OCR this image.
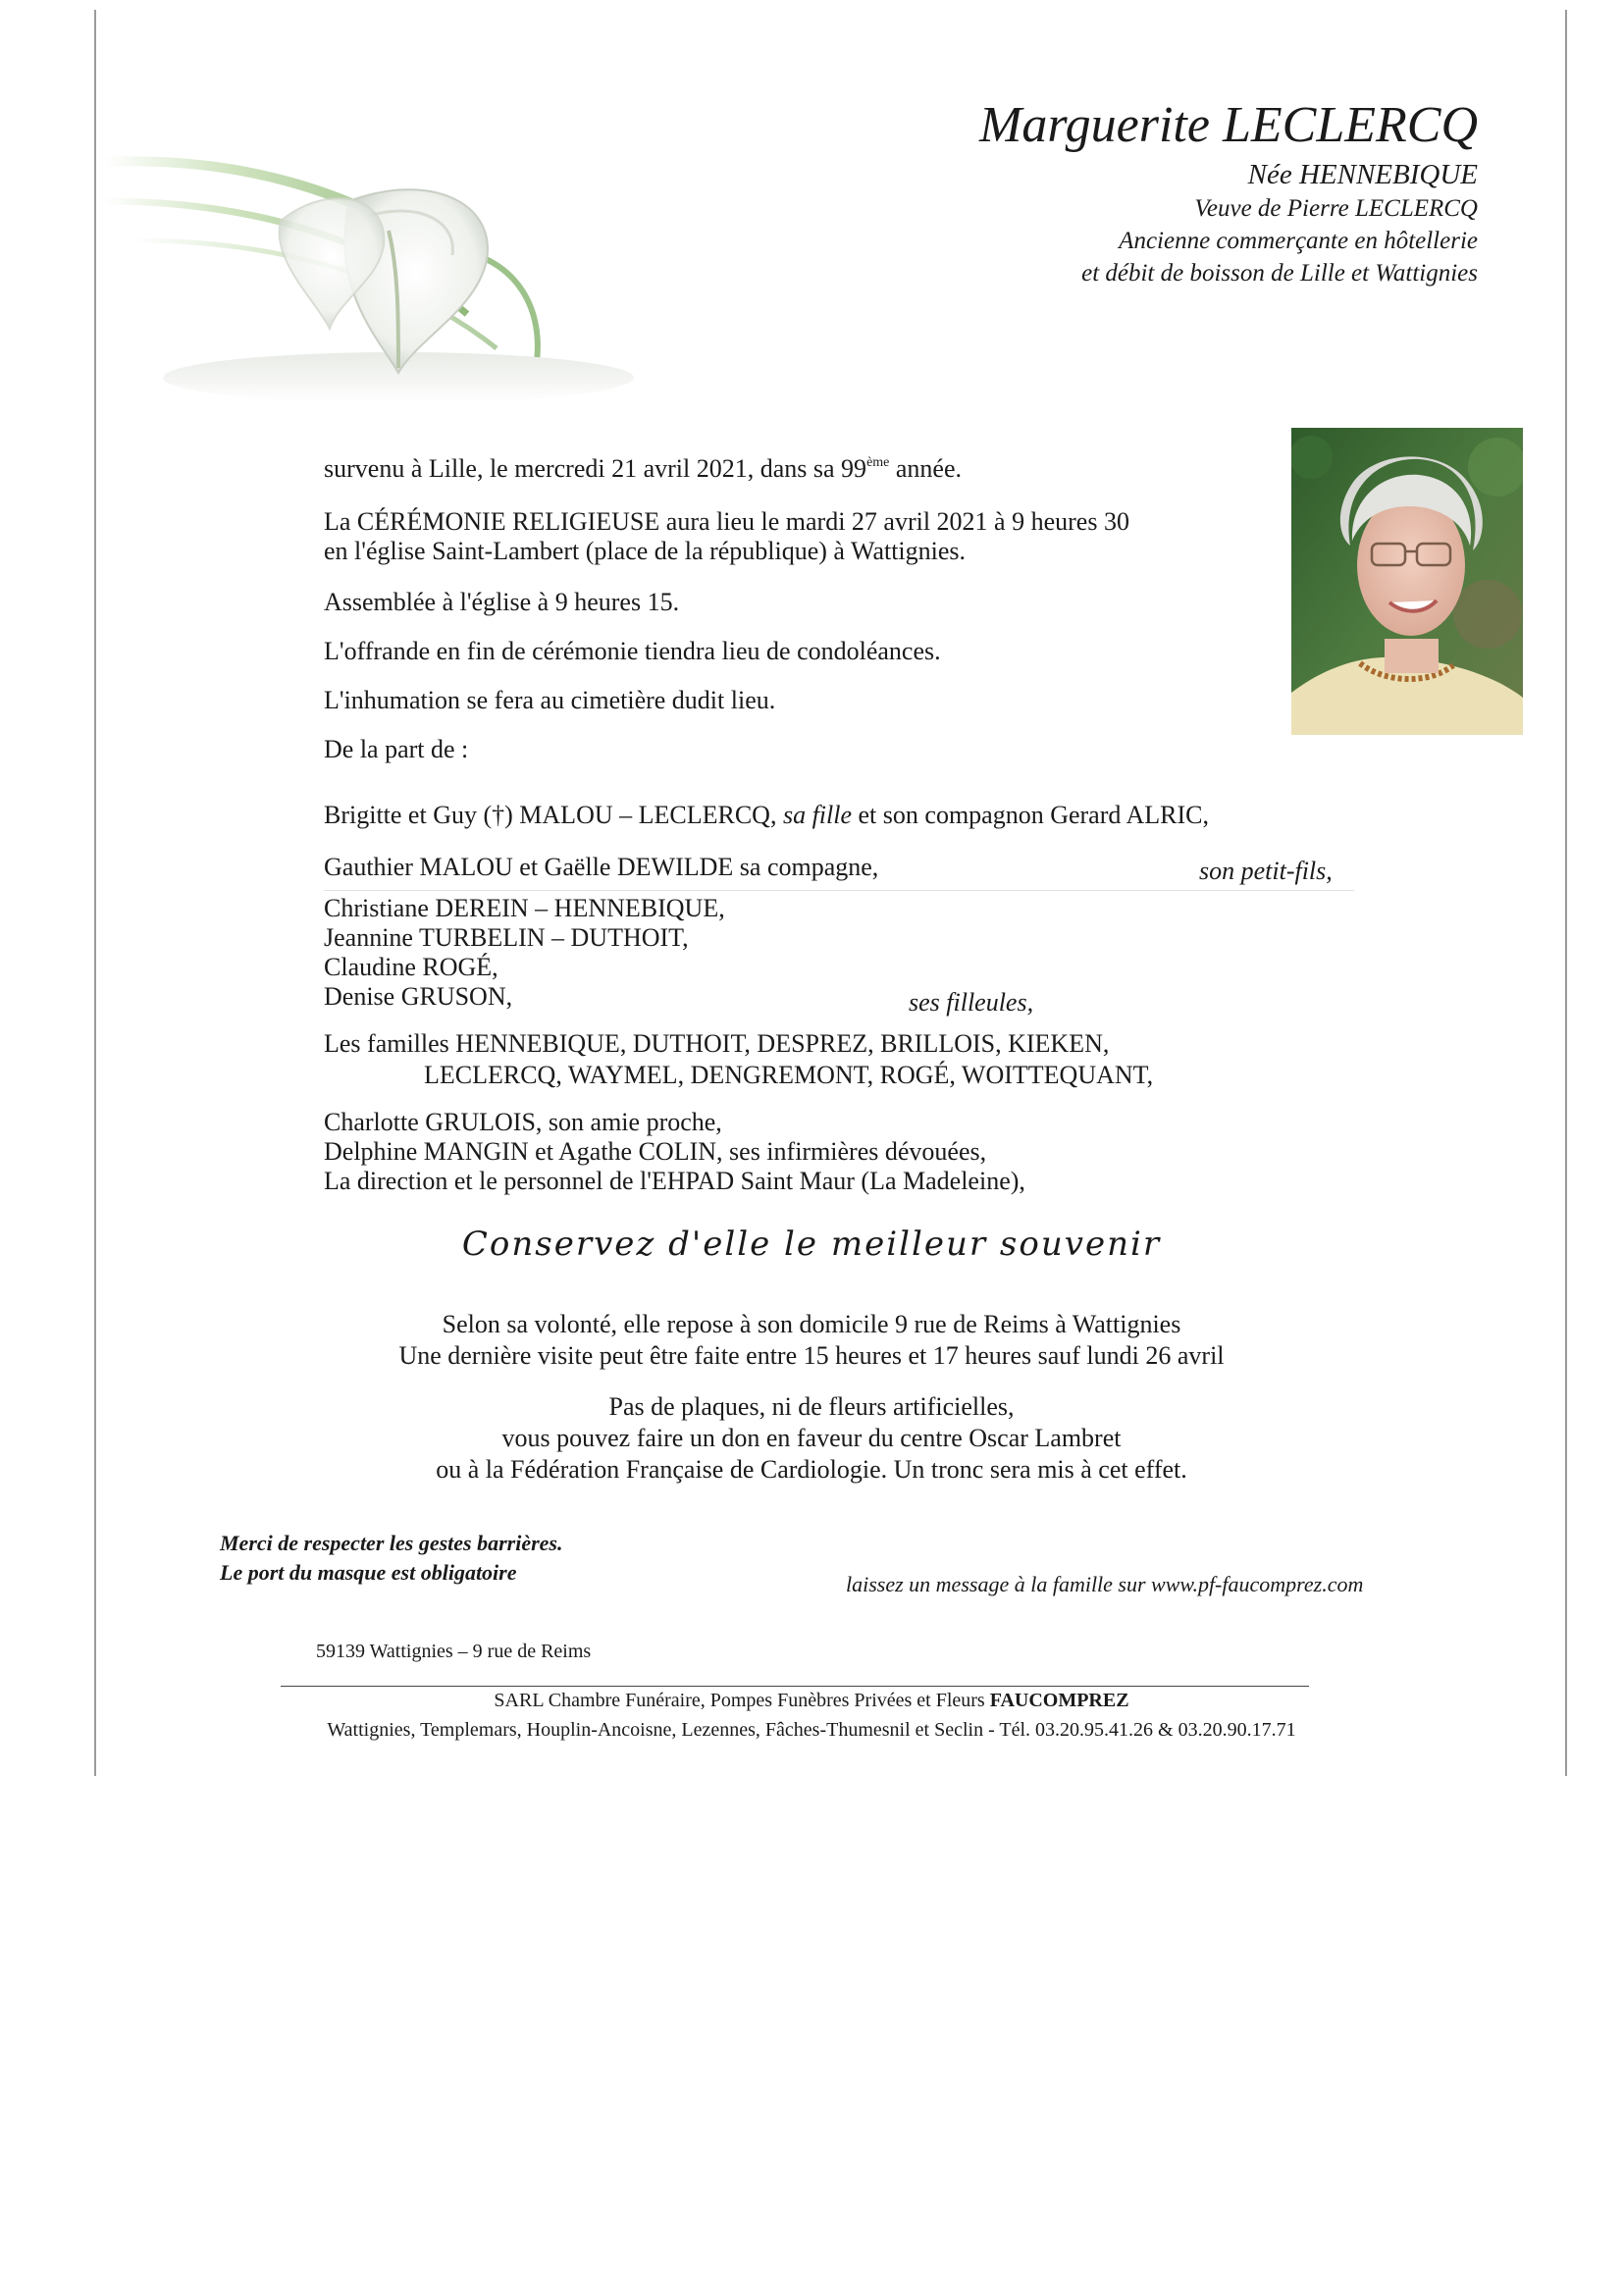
Marguerite LECLERCQ
Née HENNEBIQUE
Veuve de Pierre LECLERCQ
Ancienne commerçante en hôtellerie
et débit de boisson de Lille et Wattignies
survenu à Lille, le mercredi 21 avril 2021, dans sa 99ème année.
La CÉRÉMONIE RELIGIEUSE aura lieu le mardi 27 avril 2021 à 9 heures 30
en l'église Saint-Lambert (place de la république) à Wattignies.
Assemblée à l'église à 9 heures 15.
L'offrande en fin de cérémonie tiendra lieu de condoléances.
L'inhumation se fera au cimetière dudit lieu.
De la part de :
Brigitte et Guy (†) MALOU – LECLERCQ, sa fille et son compagnon Gerard ALRIC,
Gauthier MALOU et Gaëlle DEWILDE sa compagne,	son petit-fils,
Christiane DEREIN – HENNEBIQUE,
Jeannine TURBELIN – DUTHOIT,
Claudine ROGÉ,
Denise GRUSON,	ses filleules,
Les familles HENNEBIQUE, DUTHOIT, DESPREZ, BRILLOIS, KIEKEN,
LECLERCQ, WAYMEL, DENGREMONT, ROGÉ, WOITTEQUANT,
Charlotte GRULOIS, son amie proche,
Delphine MANGIN et Agathe COLIN, ses infirmières dévouées,
La direction et le personnel de l'EHPAD Saint Maur (La Madeleine),
Conservez d'elle le meilleur souvenir
Selon sa volonté, elle repose à son domicile 9 rue de Reims à Wattignies
Une dernière visite peut être faite entre 15 heures et 17 heures sauf lundi 26 avril
Pas de plaques, ni de fleurs artificielles,
vous pouvez faire un don en faveur du centre Oscar Lambret
ou à la Fédération Française de Cardiologie. Un tronc sera mis à cet effet.
Merci de respecter les gestes barrières.
Le port du masque est obligatoire	laissez un message à la famille sur www.pf-faucomprez.com
59139 Wattignies – 9 rue de Reims
SARL Chambre Funéraire, Pompes Funèbres Privées et Fleurs FAUCOMPREZ
Wattignies, Templemars, Houplin-Ancoisne, Lezennes, Fâches-Thumesnil et Seclin - Tél. 03.20.95.41.26 & 03.20.90.17.71
